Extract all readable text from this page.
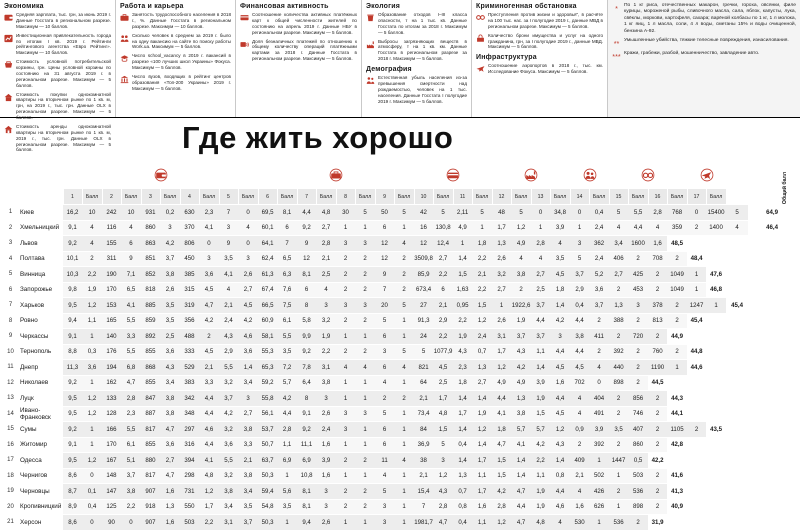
Экономика
Средняя зарплата, тыс. грн, за июнь 2019 г. Данные Госстата в региональном разрезе. Максимум — 10 баллов.
Инвестиционная привлекательность города по итогам I кв. 2019 г. Рейтинги рейтингового агентства «Евро Рейтинг». Максимум — 10 баллов.
Стоимость условной потребительской корзины, грн. Цены условной корзины по состоянию на 31 августа 2019 г. в региональном разрезе. Максимум — 5 баллов.
Стоимость покупки однокомнатной квартиры на вторичном рынке по 1 кв. м, грн, на 2019 г., тыс. грн. Данные OLX в региональном разрезе. Максимум — 5 баллов.
Стоимость аренды однокомнатной квартиры на вторичном рынке по 1 кв. м, 2019 г., тыс. грн. Данные OLX в региональном разрезе. Максимум — 5 баллов.
Работа и карьера
Занятость трудоспособного населения в 2018 г., %. Данные Госстата в региональном разрезе. Максимум — 10 баллов.
Сколько человек в среднем за 2019 г. было на одну вакансию на сайте по поиску работы Work.ua. Максимум — 5 баллов.
Число school_vacancy в 2019 г. вакансий в разрезе «100 лучших школ Украины» Фокуса. Максимум — 5 баллов.
Число вузов, входящих в рейтинг центров образования «Топ-200 Украины» 2019 г. Максимум — 5 баллов.
Финансовая активность
Соотношение количества активных платёжных карт к общей численности жителей по состоянию на апрель 2019 г. Данные НБУ в региональном разрезе. Максимум — 5 баллов.
Доля безналичных платежей по отношению к общему количеству операций платёжными картами за 2018 г. Данные Госстата в региональном разрезе. Максимум — 5 баллов.
Экология
Образование отходов I–III класса опасности, т на 1 тыс. кв. Данные Госстата по итогам за 2018 г. Максимум — 5 баллов.
Выбросы загрязняющих веществ в атмосферу, т на 1 кв. км. Данные Госстата в региональном разрезе за 2018 г. Максимум — 5 баллов.
Демография
Естественная убыль населения из-за превышения смертности над рождаемостью, человек на 1 тыс. населения. Данные Госстата I полугодие 2019 г. Максимум — 5 баллов.
Криминогенная обстановка
Преступления против жизни и здоровья", в расчёте на 100 тыс. нас. за I полугодие 2019 г., данные МВД в региональном разрезе. Максимум — 5 баллов.
Количество брони имущества и услуг на одного гражданина, грн, за I полугодие 2019 г., данные МВД. Максимум — 5 баллов.
Инфраструктура
Соотношение аэропортов в 2018 г., тыс. км. Исследование Фокуса. Максимум — 5 баллов.
* По 1 кг риса, отечественных макарон, гречки, гороха, овсянки, филе курицы, мороженой рыбы, сливочного масла, сала, яблок, капусты, лука, свёклы, моркови, картофеля, сахара; варёной колбасы по 1 кг, 1 л молока, 1 кг яиц, 1 л масла, соли, 4 л воды, сметаны 15% и воды очищенной, бензина А-92.
** Умышленные убийства, тяжкие телесные повреждения, изнасилования.
*** Кражи, грабежи, разбой, мошенничество, завладение авто.
Где жить хорошо
Общий балл

		1	Балл	2	Балл	3	Балл	4	Балл	5	Балл	6	Балл	7	Балл	8	Балл	9	Балл	10	Балл	11	Балл	12	Балл	13	Балл	14	Балл	15	Балл	16	Балл	17	Балл		
1	Киев	16,2	10	242	10	931	0,2	630	2,3	7	0	69,5	8,1	4,4	4,8	30	5	50	5	42	5	2,11	5	48	5	0	34,8	0	0,4	5	5,5	2,8	768	0	15400	5	64,9
2	Хмельницкий	9,1	4	116	4	860	3	370	4,1	3	4	60,1	6	9,2	2,7	1	1	6	1	16	130,8	4,9	1	1,7	1,2	1	3,9	1	2,4	4	4,4	4	359	2	1400	4	46,4
3	Львов	9,2	4	155	6	863	4,2	806	0	9	0	64,1	7	9	2,8	3	3	12	4	12	12,4	1	1,8	1,3	4,9	2,8	4	3	362	3,4	1600	1,6	48,5				
4	Полтава	10,1	2	311	9	851	3,7	450	3	3,5	3	62,4	6,5	12	2,1	2	2	12	2	3509,8	2,7	1,4	2,2	2,6	4	4	3,5	5	2,4	406	2	708	2	48,4			
5	Винница	10,3	2,2	190	7,1	852	3,8	385	3,6	4,1	2,6	61,3	6,3	8,1	2,5	2	2	9	2	85,9	2,2	1,5	2,1	3,2	3,8	2,7	4,5	3,7	5,2	2,7	425	2	1049	1	47,6		
6	Запорожье	9,8	1,9	170	6,5	818	2,6	315	4,5	4	2,7	67,4	7,6	6	4	2	2	7	2	673,4	6	1,63	2,2	2,7	2	2,5	1,8	2,9	3,6	2	453	2	1049	1	46,8		
7	Харьков	9,5	1,2	153	4,1	885	3,5	319	4,7	2,1	4,5	66,5	7,5	8	3	3	3	20	5	27	2,1	0,95	1,5	1	1922,6	3,7	1,4	0,4	3,7	1,3	3	378	2	1247	1	45,4	
8	Ровно	9,4	1,1	165	5,5	859	3,5	356	4,2	2,4	4,2	60,9	6,1	5,8	3,2	2	2	5	1	91,3	2,9	2,2	1,2	2,6	1,9	4,4	4,2	4,4	2	388	2	813	2	45,4			
9	Черкассы	9,1	1	140	3,3	892	2,5	488	2	4,3	4,6	58,1	5,5	9,9	1,9	1	1	6	1	24	2,2	1,9	2,4	3,1	3,7	3,7	3	3,8	411	2	720	2	44,9				
10	Тернополь	8,8	0,3	176	5,5	855	3,6	333	4,5	2,9	3,6	55,3	3,5	9,2	2,2	2	2	3	5	5	1077,9	4,3	0,7	1,7	4,3	1,1	4,4	4,4	2	392	2	760	2	44,8			
11	Днепр	11,3	3,6	194	6,8	868	4,3	529	2,1	5,5	1,4	65,3	7,2	7,8	3,1	4	4	6	4	821	4,5	2,3	1,3	1,2	4,2	1,4	4,5	4,5	4	440	2	1190	1	44,6			
12	Николаев	9,2	1	162	4,7	855	3,4	383	3,3	3,2	3,4	59,2	5,7	6,4	3,8	1	1	4	1	64	2,5	1,8	2,7	4,9	4,9	3,9	1,6	702	0	898	2	44,5					
13	Луцк	9,5	1,2	133	2,8	847	3,8	342	4,4	3,7	3	55,8	4,2	8	3	1	1	2	2	2,1	1,7	1,4	1,4	4,4	1,3	1,9	4,4	4	404	2	856	2	44,3				
14	Ивано-Франковск	9,5	1,2	128	2,3	887	3,8	348	4,4	4,2	2,7	56,1	4,4	9,1	2,6	3	3	5	1	73,4	4,8	1,7	1,9	4,1	3,8	1,5	4,5	4	491	2	746	2	44,1				
15	Сумы	9,2	1	166	5,5	817	4,7	297	4,6	3,2	3,8	53,7	2,8	9,2	2,4	3	1	6	1	84	1,5	1,4	1,2	1,8	5,7	5,7	1,2	0,9	3,9	3,5	407	2	1105	2	43,5		
16	Житомир	9,1	1	170	6,1	855	3,6	316	4,4	3,6	3,3	50,7	1,1	11,1	1,6	1	1	6	1	36,9	5	0,4	1,4	4,7	4,1	4,2	4,3	2	392	2	860	2	42,8				
17	Одесса	9,5	1,2	167	5,1	880	2,7	394	4,1	5,5	2,1	63,7	6,9	6,9	3,9	2	2	11	4	38	3	1,4	1,7	1,5	1,4	2,2	1,4	409	1	1447	0,5	42,2					
18	Чернигов	8,6	0	148	3,7	817	4,7	298	4,8	3,2	3,8	50,3	1	10,8	1,6	1	1	4	1	2,1	1,2	1,3	1,1	1,5	1,4	1,1	0,8	2,1	502	1	503	2	41,6				
19	Черновцы	8,7	0,1	147	3,8	907	1,6	731	1,2	3,8	3,4	59,4	5,6	8,1	3	2	2	5	1	15,4	4,3	0,7	1,7	4,2	4,7	1,9	4,4	4	426	2	536	2	41,3				
20	Кропивницкий	8,9	0,4	125	2,2	918	1,3	550	1,7	3,4	3,5	54,8	3,5	8,1	3	2	2	3	1	7	2,8	0,8	1,6	2,8	4,4	1,9	4,6	1,6	626	1	898	2	40,9				
21	Херсон	8,6	0	90	0	907	1,6	503	2,2	3,1	3,7	50,3	1	9,4	2,6	1	1	3	1	1981,7	4,7	0,4	1,1	1,2	4,7	4,8	4	530	1	536	2	31,9					
